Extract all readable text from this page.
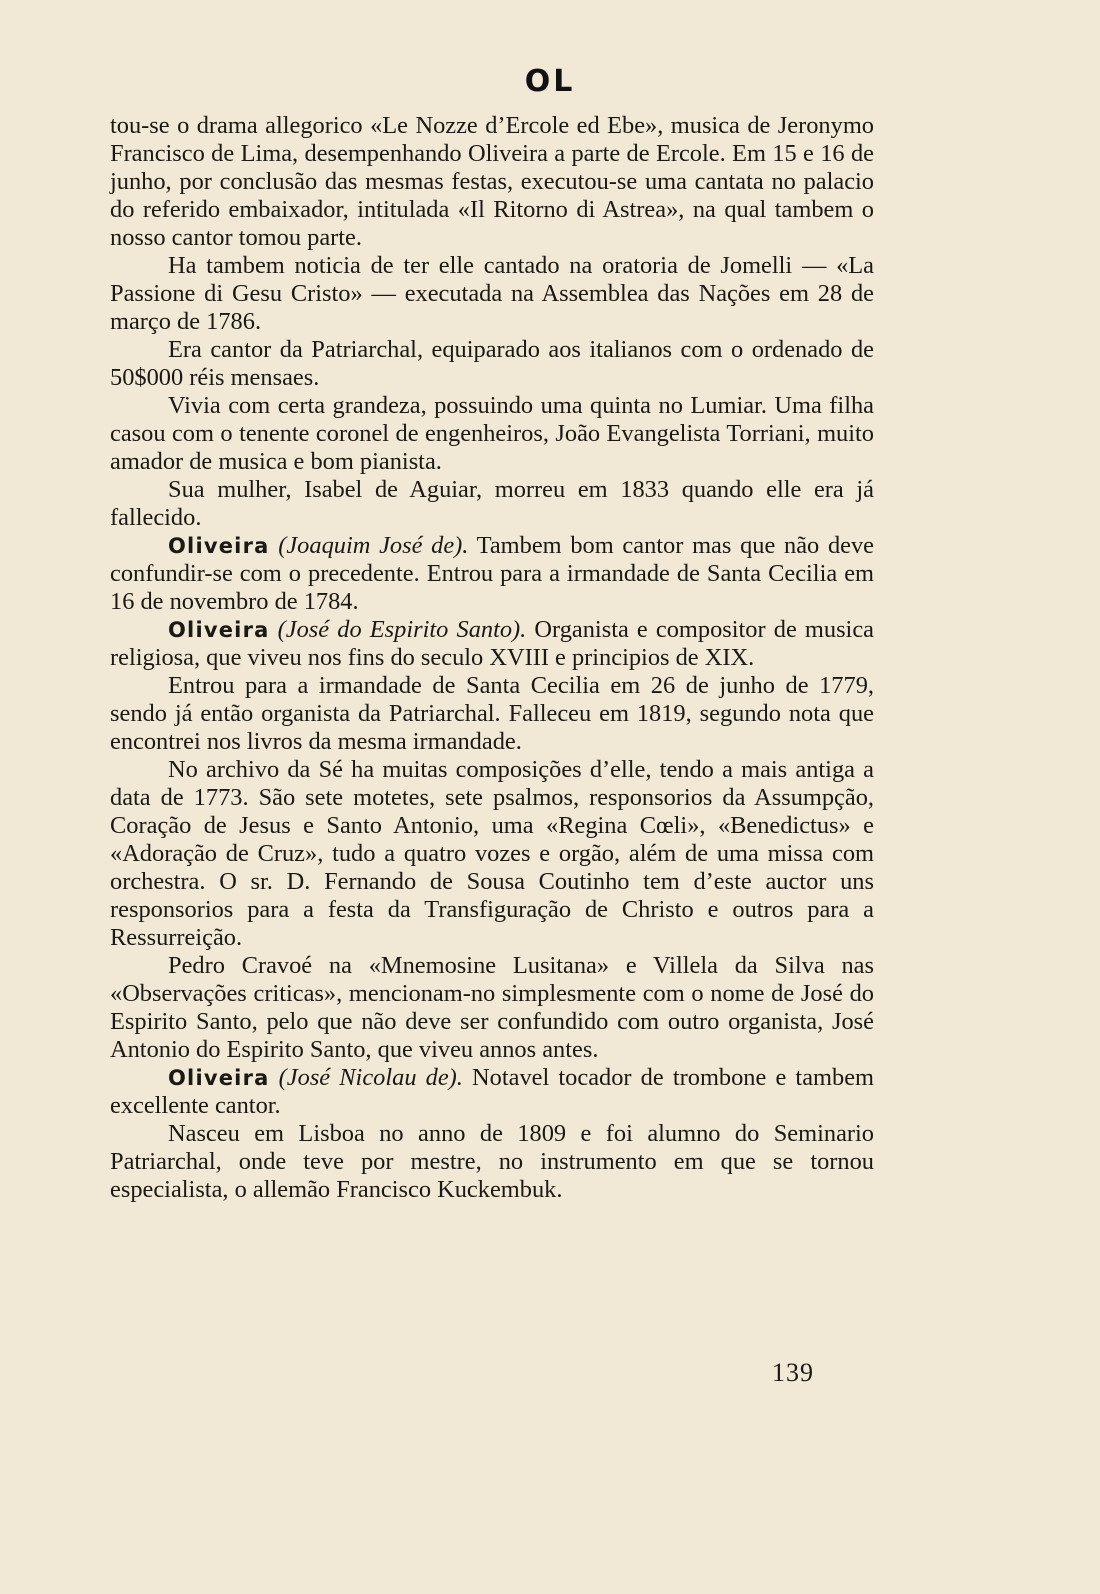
OL

tou-se o drama allegorico «Le Nozze d’Ercole ed Ebe», musica de Jeronymo Francisco de Lima, desempenhando Oliveira a parte de Ercole. Em 15 e 16 de junho, por conclusão das mesmas festas, executou-se uma cantata no palacio do referido embaixador, intitulada «Il Ritorno di Astrea», na qual tambem o nosso cantor tomou parte.

Ha tambem noticia de ter elle cantado na oratoria de Jomelli — «La Passione di Gesu Cristo» — executada na Assemblea das Nações em 28 de março de 1786.

Era cantor da Patriarchal, equiparado aos italianos com o ordenado de 50$000 réis mensaes.

Vivia com certa grandeza, possuindo uma quinta no Lumiar. Uma filha casou com o tenente coronel de engenheiros, João Evangelista Torriani, muito amador de musica e bom pianista.

Sua mulher, Isabel de Aguiar, morreu em 1833 quando elle era já fallecido.

Oliveira (Joaquim José de). Tambem bom cantor mas que não deve confundir-se com o precedente. Entrou para a irmandade de Santa Cecilia em 16 de novembro de 1784.

Oliveira (José do Espirito Santo). Organista e compositor de musica religiosa, que viveu nos fins do seculo XVIII e principios de XIX.

Entrou para a irmandade de Santa Cecilia em 26 de junho de 1779, sendo já então organista da Patriarchal. Falleceu em 1819, segundo nota que encontrei nos livros da mesma irmandade.

No archivo da Sé ha muitas composições d’elle, tendo a mais antiga a data de 1773. São sete motetes, sete psalmos, responsorios da Assumpção, Coração de Jesus e Santo Antonio, uma «Regina Cœli», «Benedictus» e «Adoração de Cruz», tudo a quatro vozes e orgão, além de uma missa com orchestra. O sr. D. Fernando de Sousa Coutinho tem d’este auctor uns responsorios para a festa da Transfiguração de Christo e outros para a Ressurreição.

Pedro Cravoé na «Mnemosine Lusitana» e Villela da Silva nas «Observações criticas», mencionam-no simplesmente com o nome de José do Espirito Santo, pelo que não deve ser confundido com outro organista, José Antonio do Espirito Santo, que viveu annos antes.

Oliveira (José Nicolau de). Notavel tocador de trombone e tambem excellente cantor.

Nasceu em Lisboa no anno de 1809 e foi alumno do Seminario Patriarchal, onde teve por mestre, no instrumento em que se tornou especialista, o allemão Francisco Kuckembuk.

139
